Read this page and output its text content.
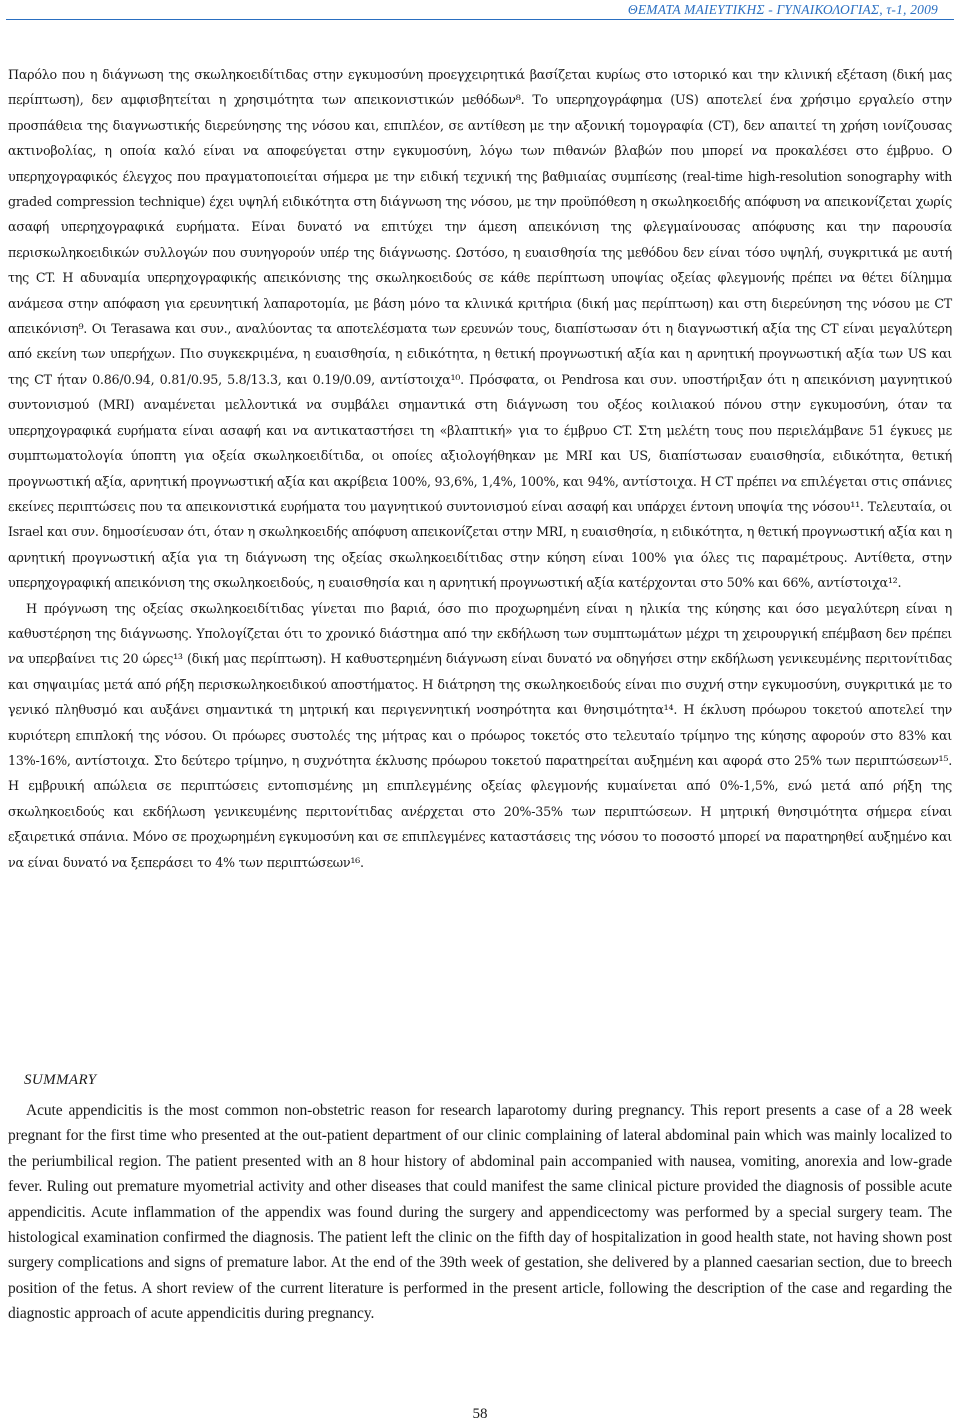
ΘΕΜΑΤΑ ΜΑΙΕΥΤΙΚΗΣ - ΓΥΝΑΙΚΟΛΟΓΙΑΣ, τ-1, 2009

Παρόλο που η διάγνωση της σκωληκοειδίτιδας στην εγκυμοσύνη προεγχειρητικά βασίζεται κυρίως στο ιστορικό και την κλινική εξέταση (δική μας περίπτωση), δεν αμφισβητείται η χρησιμότητα των απεικονιστικών μεθόδων⁸. Το υπερηχογράφημα (US) αποτελεί ένα χρήσιμο εργαλείο στην προσπάθεια της διαγνωστικής διερεύνησης της νόσου και, επιπλέον, σε αντίθεση με την αξονική τομογραφία (CT), δεν απαιτεί τη χρήση ιονίζουσας ακτινοβολίας, η οποία καλό είναι να αποφεύγεται στην εγκυμοσύνη, λόγω των πιθανών βλαβών που μπορεί να προκαλέσει στο έμβρυο. Ο υπερηχογραφικός έλεγχος που πραγματοποιείται σήμερα με την ειδική τεχνική της βαθμιαίας συμπίεσης (real-time high-resolution sonography with graded compression technique) έχει υψηλή ειδικότητα στη διάγνωση της νόσου, με την προϋπόθεση η σκωληκοειδής απόφυση να απεικονίζεται χωρίς ασαφή υπερηχογραφικά ευρήματα. Είναι δυνατό να επιτύχει την άμεση απεικόνιση της φλεγμαίνουσας απόφυσης και την παρουσία περισκωληκοειδικών συλλογών που συνηγορούν υπέρ της διάγνωσης. Ωστόσο, η ευαισθησία της μεθόδου δεν είναι τόσο υψηλή, συγκριτικά με αυτή της CT. Η αδυναμία υπερηχογραφικής απεικόνισης της σκωληκοειδούς σε κάθε περίπτωση υποψίας οξείας φλεγμονής πρέπει να θέτει δίλημμα ανάμεσα στην απόφαση για ερευνητική λαπαροτομία, με βάση μόνο τα κλινικά κριτήρια (δική μας περίπτωση) και στη διερεύνηση της νόσου με CT απεικόνιση⁹. Οι Terasawa και συν., αναλύοντας τα αποτελέσματα των ερευνών τους, διαπίστωσαν ότι η διαγνωστική αξία της CT είναι μεγαλύτερη από εκείνη των υπερήχων. Πιο συγκεκριμένα, η ευαισθησία, η ειδικότητα, η θετική προγνωστική αξία και η αρνητική προγνωστική αξία των US και της CT ήταν 0.86/0.94, 0.81/0.95, 5.8/13.3, και 0.19/0.09, αντίστοιχα¹⁰. Πρόσφατα, οι Pendrosa και συν. υποστήριξαν ότι η απεικόνιση μαγνητικού συντονισμού (MRI) αναμένεται μελλοντικά να συμβάλει σημαντικά στη διάγνωση του οξέος κοιλιακού πόνου στην εγκυμοσύνη, όταν τα υπερηχογραφικά ευρήματα είναι ασαφή και να αντικαταστήσει τη «βλαπτική» για το έμβρυο CT. Στη μελέτη τους που περιελάμβανε 51 έγκυες με συμπτωματολογία ύποπτη για οξεία σκωληκοειδίτιδα, οι οποίες αξιολογήθηκαν με MRI και US, διαπίστωσαν ευαισθησία, ειδικότητα, θετική προγνωστική αξία, αρνητική προγνωστική αξία και ακρίβεια 100%, 93,6%, 1,4%, 100%, και 94%, αντίστοιχα. Η CT πρέπει να επιλέγεται στις σπάνιες εκείνες περιπτώσεις που τα απεικονιστικά ευρήματα του μαγνητικού συντονισμού είναι ασαφή και υπάρχει έντονη υποψία της νόσου¹¹. Τελευταία, οι Israel και συν. δημοσίευσαν ότι, όταν η σκωληκοειδής απόφυση απεικονίζεται στην MRI, η ευαισθησία, η ειδικότητα, η θετική προγνωστική αξία και η αρνητική προγνωστική αξία για τη διάγνωση της οξείας σκωληκοειδίτιδας στην κύηση είναι 100% για όλες τις παραμέτρους. Αντίθετα, στην υπερηχογραφική απεικόνιση της σκωληκοειδούς, η ευαισθησία και η αρνητική προγνωστική αξία κατέρχονται στο 50% και 66%, αντίστοιχα¹².

Η πρόγνωση της οξείας σκωληκοειδίτιδας γίνεται πιο βαριά, όσο πιο προχωρημένη είναι η ηλικία της κύησης και όσο μεγαλύτερη είναι η καθυστέρηση της διάγνωσης. Υπολογίζεται ότι το χρονικό διάστημα από την εκδήλωση των συμπτωμάτων μέχρι τη χειρουργική επέμβαση δεν πρέπει να υπερβαίνει τις 20 ώρες¹³ (δική μας περίπτωση). Η καθυστερημένη διάγνωση είναι δυνατό να οδηγήσει στην εκδήλωση γενικευμένης περιτονίτιδας και σηψαιμίας μετά από ρήξη περισκωληκοειδικού αποστήματος. Η διάτρηση της σκωληκοειδούς είναι πιο συχνή στην εγκυμοσύνη, συγκριτικά με το γενικό πληθυσμό και αυξάνει σημαντικά τη μητρική και περιγεννητική νοσηρότητα και θνησιμότητα¹⁴. Η έκλυση πρόωρου τοκετού αποτελεί την κυριότερη επιπλοκή της νόσου. Οι πρόωρες συστολές της μήτρας και ο πρόωρος τοκετός στο τελευταίο τρίμηνο της κύησης αφορούν στο 83% και 13%-16%, αντίστοιχα. Στο δεύτερο τρίμηνο, η συχνότητα έκλυσης πρόωρου τοκετού παρατηρείται αυξημένη και αφορά στο 25% των περιπτώσεων¹⁵. Η εμβρυική απώλεια σε περιπτώσεις εντοπισμένης μη επιπλεγμένης οξείας φλεγμονής κυμαίνεται από 0%-1,5%, ενώ μετά από ρήξη της σκωληκοειδούς και εκδήλωση γενικευμένης περιτονίτιδας ανέρχεται στο 20%-35% των περιπτώσεων. Η μητρική θνησιμότητα σήμερα είναι εξαιρετικά σπάνια. Μόνο σε προχωρημένη εγκυμοσύνη και σε επιπλεγμένες καταστάσεις της νόσου το ποσοστό μπορεί να παρατηρηθεί αυξημένο και να είναι δυνατό να ξεπεράσει το 4% των περιπτώσεων¹⁶.

SUMMARY
Acute appendicitis is the most common non-obstetric reason for research laparotomy during pregnancy. This report presents a case of a 28 week pregnant for the first time who presented at the out-patient department of our clinic complaining of lateral abdominal pain which was mainly localized to the periumbilical region. The patient presented with an 8 hour history of abdominal pain accompanied with nausea, vomiting, anorexia and low-grade fever. Ruling out premature myometrial activity and other diseases that could manifest the same clinical picture provided the diagnosis of possible acute appendicitis. Acute inflammation of the appendix was found during the surgery and appendicectomy was performed by a special surgery team. The histological examination confirmed the diagnosis. The patient left the clinic on the fifth day of hospitalization in good health state, not having shown post surgery complications and signs of premature labor. At the end of the 39th week of gestation, she delivered by a planned caesarian section, due to breech position of the fetus. A short review of the current literature is performed in the present article, following the description of the case and regarding the diagnostic approach of acute appendicitis during pregnancy.
58
